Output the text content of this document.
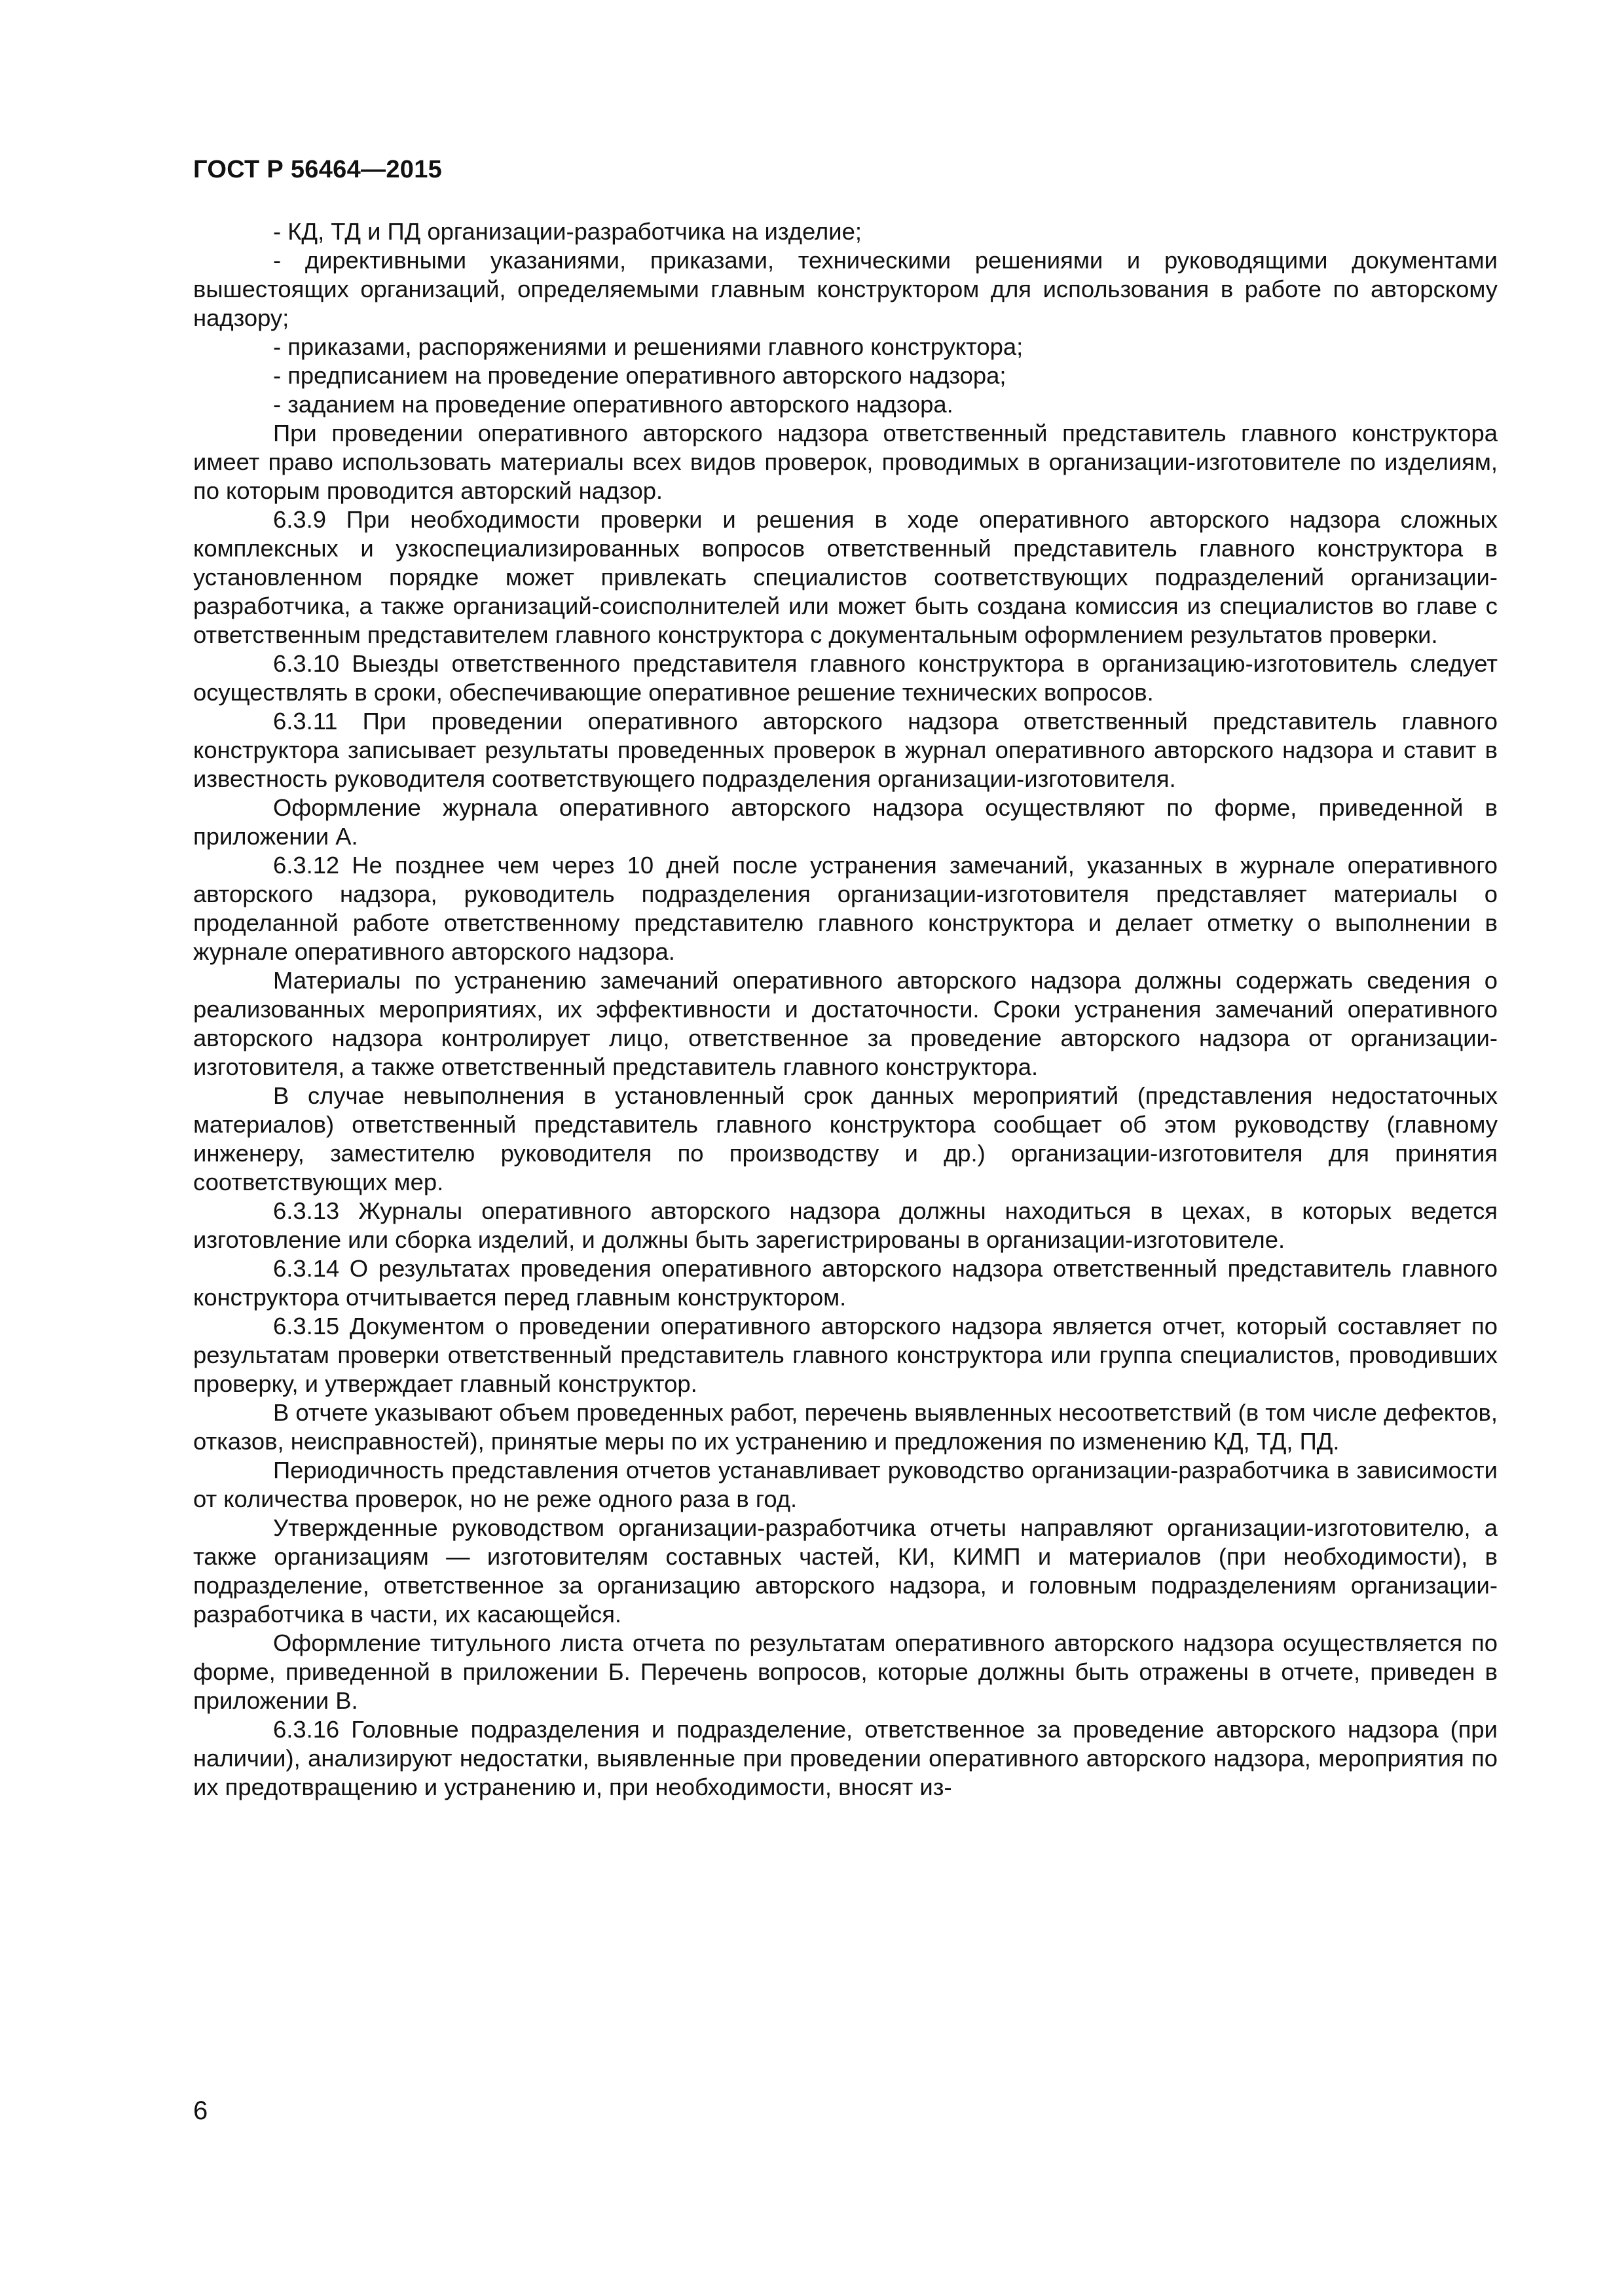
ГОСТ Р 56464—2015

- КД, ТД и ПД организации-разработчика на изделие;

- директивными указаниями, приказами, техническими решениями и руководящими документами вышестоящих организаций, определяемыми главным конструктором для использования в работе по авторскому надзору;

- приказами, распоряжениями и решениями главного конструктора;

- предписанием на проведение оперативного авторского надзора;

- заданием на проведение оперативного авторского надзора.

При проведении оперативного авторского надзора ответственный представитель главного конструктора имеет право использовать материалы всех видов проверок, проводимых в организации-изготовителе по изделиям, по которым проводится авторский надзор.

6.3.9 При необходимости проверки и решения в ходе оперативного авторского надзора сложных комплексных и узкоспециализированных вопросов ответственный представитель главного конструктора в установленном порядке может привлекать специалистов соответствующих подразделений организации-разработчика, а также организаций-соисполнителей или может быть создана комиссия из специалистов во главе с ответственным представителем главного конструктора с документальным оформлением результатов проверки.

6.3.10 Выезды ответственного представителя главного конструктора в организацию-изготовитель следует осуществлять в сроки, обеспечивающие оперативное решение технических вопросов.

6.3.11 При проведении оперативного авторского надзора ответственный представитель главного конструктора записывает результаты проведенных проверок в журнал оперативного авторского надзора и ставит в известность руководителя соответствующего подразделения организации-изготовителя.

Оформление журнала оперативного авторского надзора осуществляют по форме, приведенной в приложении А.

6.3.12 Не позднее чем через 10 дней после устранения замечаний, указанных в журнале оперативного авторского надзора, руководитель подразделения организации-изготовителя представляет материалы о проделанной работе ответственному представителю главного конструктора и делает отметку о выполнении в журнале оперативного авторского надзора.

Материалы по устранению замечаний оперативного авторского надзора должны содержать сведения о реализованных мероприятиях, их эффективности и достаточности. Сроки устранения замечаний оперативного авторского надзора контролирует лицо, ответственное за проведение авторского надзора от организации-изготовителя, а также ответственный представитель главного конструктора.

В случае невыполнения в установленный срок данных мероприятий (представления недостаточных материалов) ответственный представитель главного конструктора сообщает об этом руководству (главному инженеру, заместителю руководителя по производству и др.) организации-изготовителя для принятия соответствующих мер.

6.3.13 Журналы оперативного авторского надзора должны находиться в цехах, в которых ведется изготовление или сборка изделий, и должны быть зарегистрированы в организации-изготовителе.

6.3.14 О результатах проведения оперативного авторского надзора ответственный представитель главного конструктора отчитывается перед главным конструктором.

6.3.15 Документом о проведении оперативного авторского надзора является отчет, который составляет по результатам проверки ответственный представитель главного конструктора или группа специалистов, проводивших проверку, и утверждает главный конструктор.

В отчете указывают объем проведенных работ, перечень выявленных несоответствий (в том числе дефектов, отказов, неисправностей), принятые меры по их устранению и предложения по изменению КД, ТД, ПД.

Периодичность представления отчетов устанавливает руководство организации-разработчика в зависимости от количества проверок, но не реже одного раза в год.

Утвержденные руководством организации-разработчика отчеты направляют организации-изготовителю, а также организациям — изготовителям составных частей, КИ, КИМП и материалов (при необходимости), в подразделение, ответственное за организацию авторского надзора, и головным подразделениям организации-разработчика в части, их касающейся.

Оформление титульного листа отчета по результатам оперативного авторского надзора осуществляется по форме, приведенной в приложении Б. Перечень вопросов, которые должны быть отражены в отчете, приведен в приложении В.

6.3.16 Головные подразделения и подразделение, ответственное за проведение авторского надзора (при наличии), анализируют недостатки, выявленные при проведении оперативного авторского надзора, мероприятия по их предотвращению и устранению и, при необходимости, вносят из-

6
